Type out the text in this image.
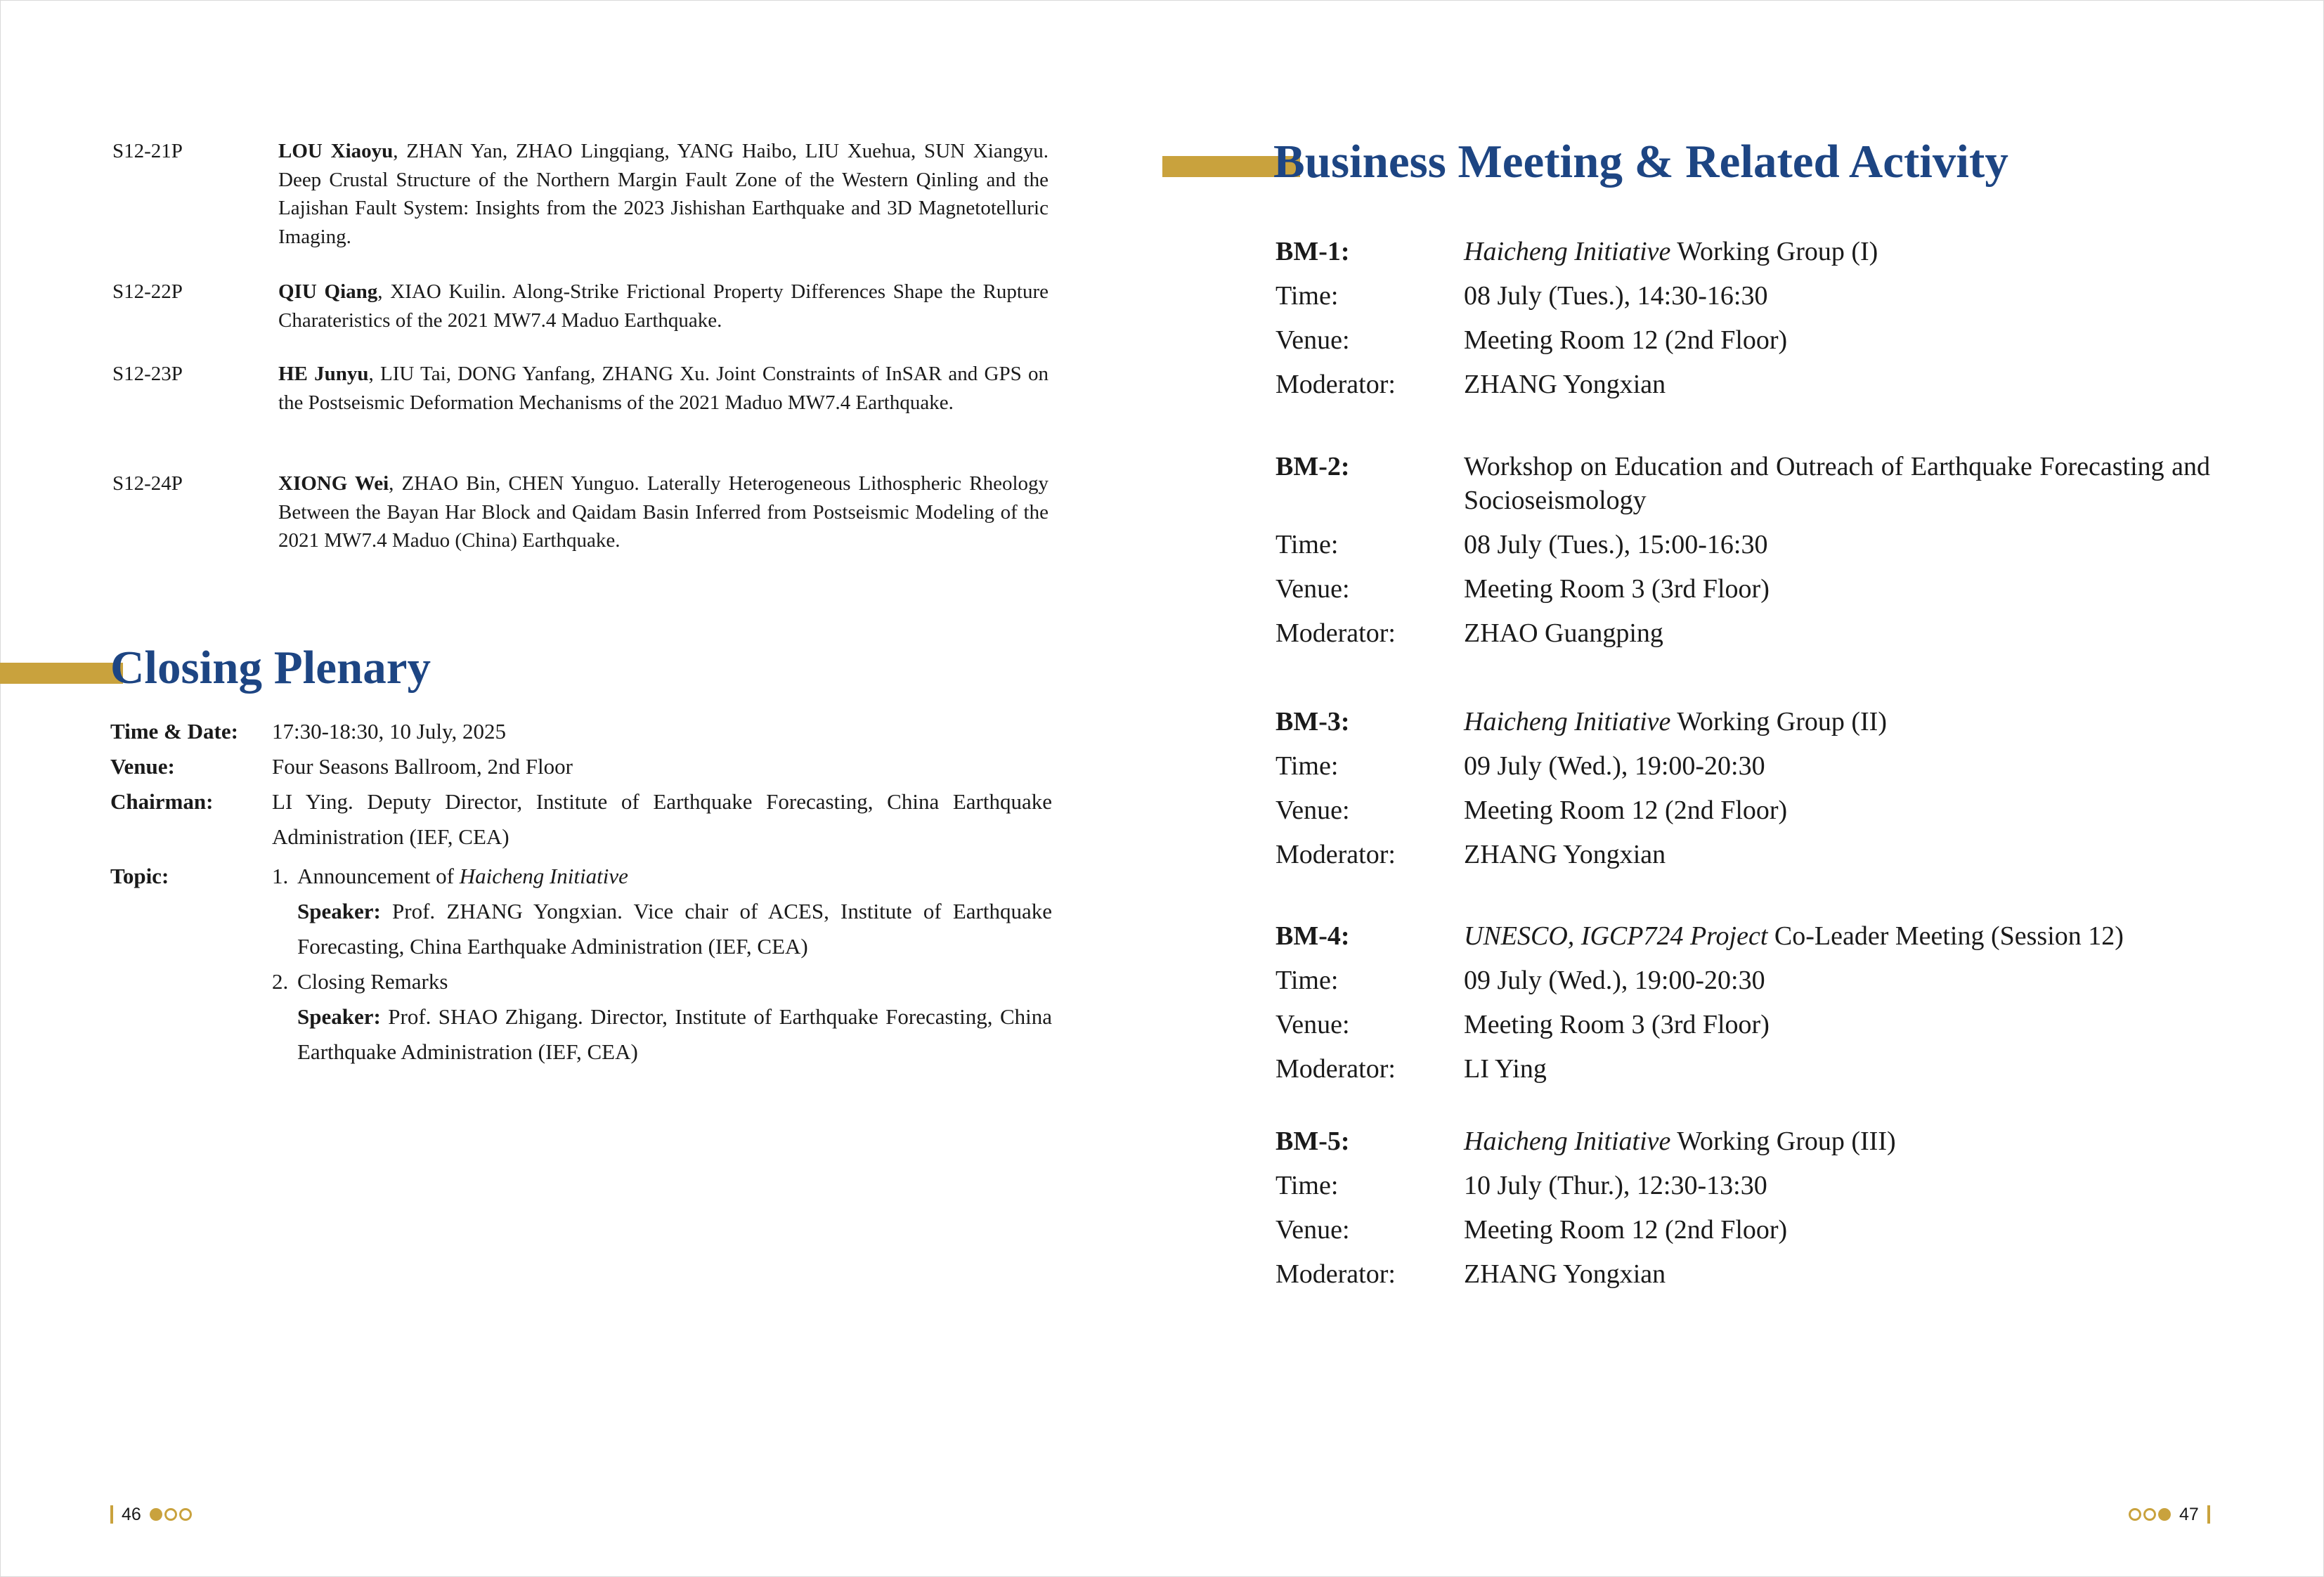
S12-21P	LOU Xiaoyu, ZHAN Yan, ZHAO Lingqiang, YANG Haibo, LIU Xuehua, SUN Xiangyu. Deep Crustal Structure of the Northern Margin Fault Zone of the Western Qinling and the Lajishan Fault System: Insights from the 2023 Jishishan Earthquake and 3D Magnetotelluric Imaging.
S12-22P	QIU Qiang, XIAO Kuilin. Along-Strike Frictional Property Differences Shape the Rupture Charateristics of the 2021 MW7.4 Maduo Earthquake.
S12-23P	HE Junyu, LIU Tai, DONG Yanfang, ZHANG Xu. Joint Constraints of InSAR and GPS on the Postseismic Deformation Mechanisms of the 2021 Maduo MW7.4 Earthquake.
S12-24P	XIONG Wei, ZHAO Bin, CHEN Yunguo. Laterally Heterogeneous Lithospheric Rheology Between the Bayan Har Block and Qaidam Basin Inferred from Postseismic Modeling of the 2021 MW7.4 Maduo (China) Earthquake.
Closing Plenary
Time & Date: 17:30-18:30, 10 July, 2025
Venue:	Four Seasons Ballroom, 2nd Floor
Chairman:	LI Ying. Deputy Director, Institute of Earthquake Forecasting, China Earthquake Administration (IEF, CEA)
Topic:	1. Announcement of Haicheng Initiative
Speaker: Prof. ZHANG Yongxian. Vice chair of ACES, Institute of Earthquake Forecasting, China Earthquake Administration (IEF, CEA)
2. Closing Remarks
Speaker: Prof. SHAO Zhigang. Director, Institute of Earthquake Forecasting, China Earthquake Administration (IEF, CEA)
Business Meeting & Related Activity
BM-1:	Haicheng Initiative Working Group (I)
Time:	08 July (Tues.), 14:30-16:30
Venue:	Meeting Room 12 (2nd Floor)
Moderator:	ZHANG Yongxian
BM-2:	Workshop on Education and Outreach of Earthquake Forecasting and Socioseismology
Time:	08 July (Tues.), 15:00-16:30
Venue:	Meeting Room 3 (3rd Floor)
Moderator:	ZHAO Guangping
BM-3:	Haicheng Initiative Working Group (II)
Time:	09 July (Wed.), 19:00-20:30
Venue:	Meeting Room 12 (2nd Floor)
Moderator:	ZHANG Yongxian
BM-4:	UNESCO, IGCP724 Project Co-Leader Meeting (Session 12)
Time:	09 July (Wed.), 19:00-20:30
Venue:	Meeting Room 3 (3rd Floor)
Moderator:	LI Ying
BM-5:	Haicheng Initiative Working Group (III)
Time:	10 July (Thur.), 12:30-13:30
Venue:	Meeting Room 12 (2nd Floor)
Moderator:	ZHANG Yongxian
46	47
